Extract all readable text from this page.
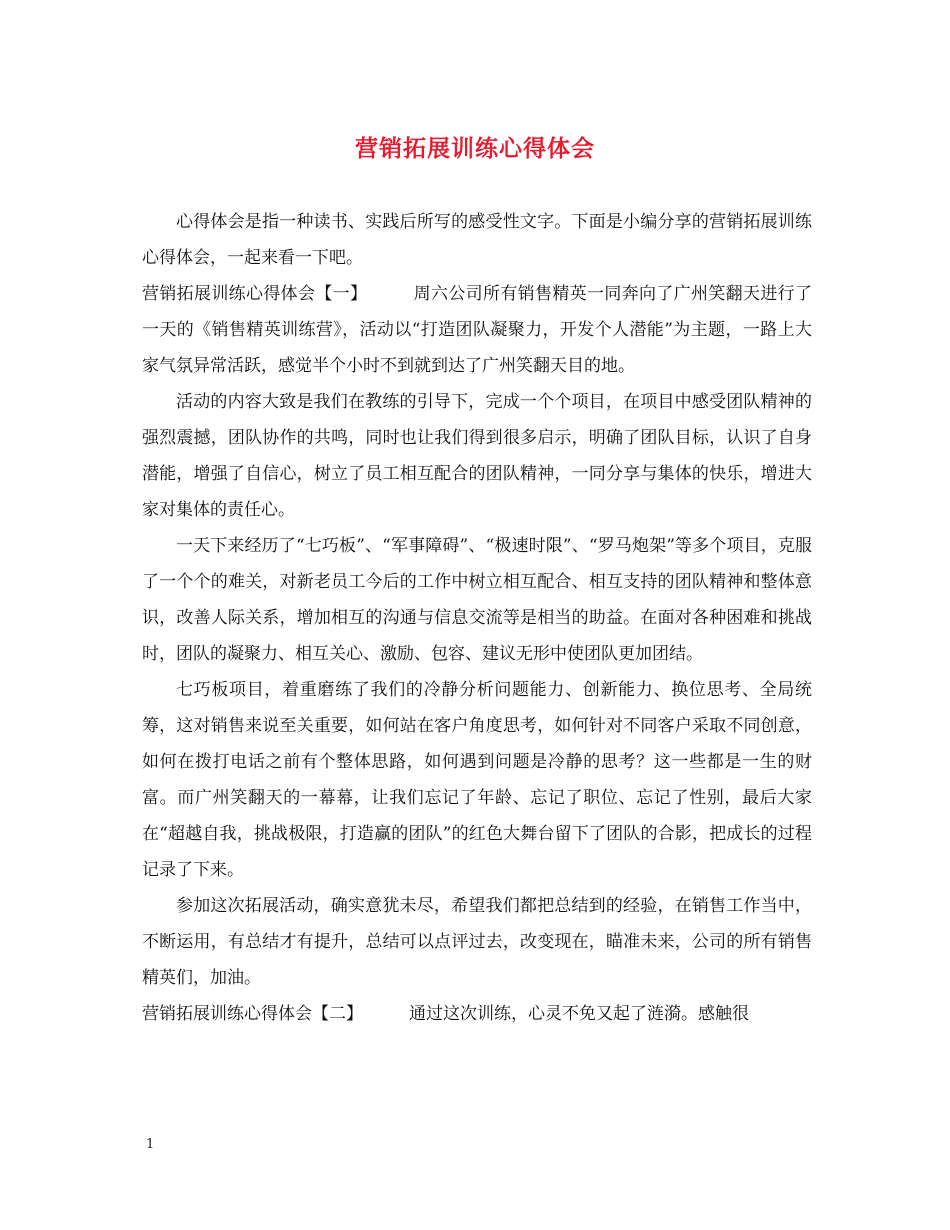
营销拓展训练心得体会

心得体会是指一种读书、实践后所写的感受性文字。下面是小编分享的营销拓展训练心得体会，一起来看一下吧。

营销拓展训练心得体会【一】	周六公司所有销售精英一同奔向了广州笑翻天进行了一天的《销售精英训练营》，活动以“打造团队凝聚力，开发个人潜能”为主题，一路上大家气氛异常活跃，感觉半个小时不到就到达了广州笑翻天目的地。

活动的内容大致是我们在教练的引导下，完成一个个项目，在项目中感受团队精神的强烈震撼，团队协作的共鸣，同时也让我们得到很多启示，明确了团队目标，认识了自身潜能，增强了自信心，树立了员工相互配合的团队精神，一同分享与集体的快乐，增进大家对集体的责任心。

一天下来经历了“七巧板”、“军事障碍”、“极速时限”、“罗马炮架”等多个项目，克服了一个个的难关，对新老员工今后的工作中树立相互配合、相互支持的团队精神和整体意识，改善人际关系，增加相互的沟通与信息交流等是相当的助益。在面对各种困难和挑战时，团队的凝聚力、相互关心、激励、包容、建议无形中使团队更加团结。

七巧板项目，着重磨练了我们的冷静分析问题能力、创新能力、换位思考、全局统筹，这对销售来说至关重要，如何站在客户角度思考，如何针对不同客户采取不同创意，如何在拨打电话之前有个整体思路，如何遇到问题是冷静的思考？这一些都是一生的财富。而广州笑翻天的一幕幕，让我们忘记了年龄、忘记了职位、忘记了性别，最后大家在“超越自我，挑战极限，打造赢的团队”的红色大舞台留下了团队的合影，把成长的过程记录了下来。

参加这次拓展活动，确实意犹未尽，希望我们都把总结到的经验，在销售工作当中，不断运用，有总结才有提升，总结可以点评过去，改变现在，瞄准未来，公司的所有销售精英们，加油。

营销拓展训练心得体会【二】	通过这次训练，心灵不免又起了涟漪。感触很

1
